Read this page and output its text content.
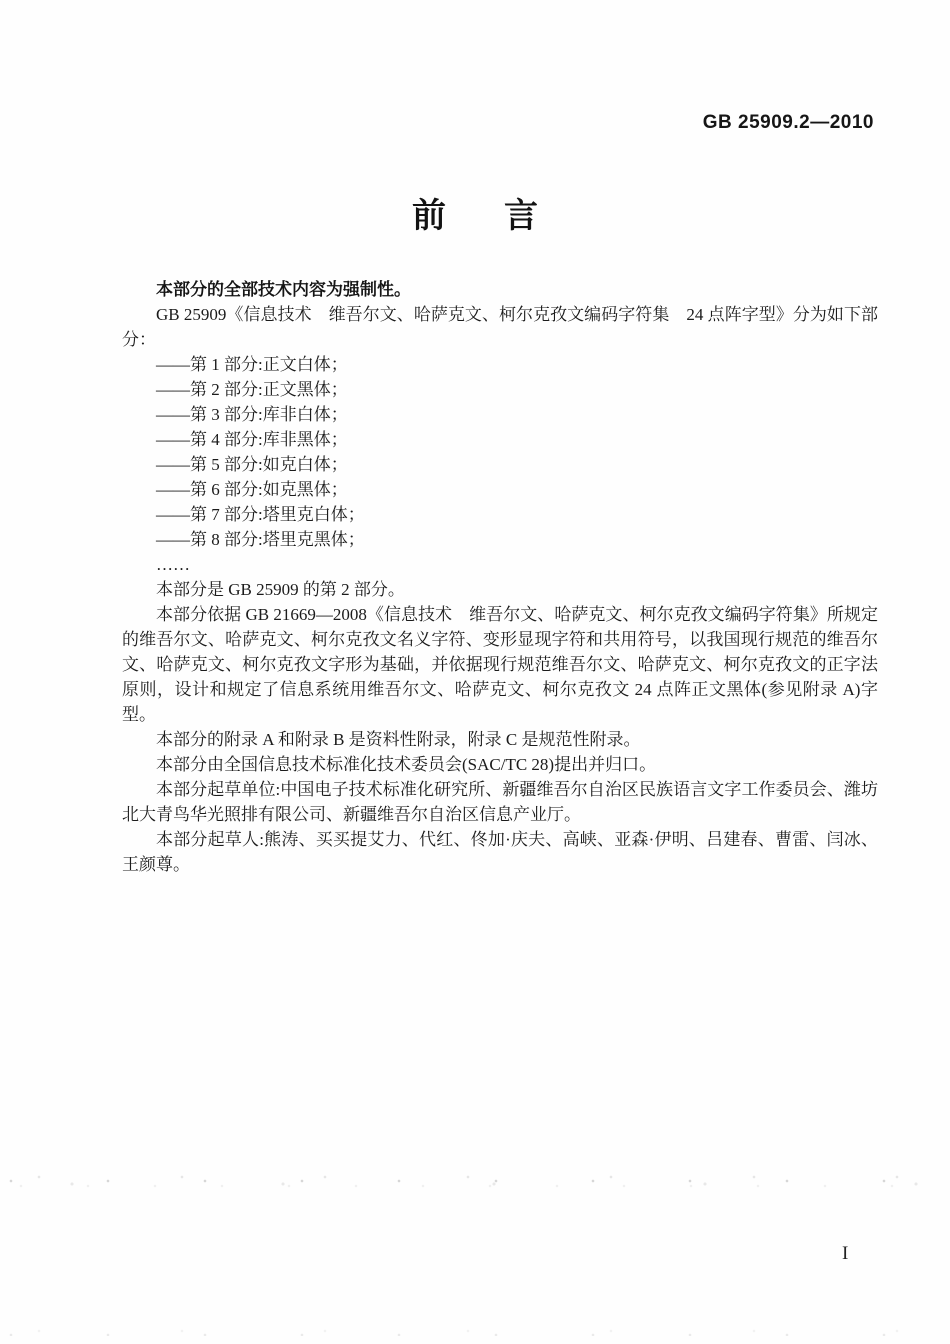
GB 25909.2—2010
前 言

本部分的全部技术内容为强制性。

GB 25909《信息技术　维吾尔文、哈萨克文、柯尔克孜文编码字符集　24 点阵字型》分为如下部分：

——第 1 部分:正文白体；

——第 2 部分:正文黑体；

——第 3 部分:库非白体；

——第 4 部分:库非黑体；

——第 5 部分:如克白体；

——第 6 部分:如克黑体；

——第 7 部分:塔里克白体；

——第 8 部分:塔里克黑体；

……

本部分是 GB 25909 的第 2 部分。

本部分依据 GB 21669—2008《信息技术　维吾尔文、哈萨克文、柯尔克孜文编码字符集》所规定的维吾尔文、哈萨克文、柯尔克孜文名义字符、变形显现字符和共用符号，以我国现行规范的维吾尔文、哈萨克文、柯尔克孜文字形为基础，并依据现行规范维吾尔文、哈萨克文、柯尔克孜文的正字法原则，设计和规定了信息系统用维吾尔文、哈萨克文、柯尔克孜文 24 点阵正文黑体(参见附录 A)字型。

本部分的附录 A 和附录 B 是资料性附录，附录 C 是规范性附录。

本部分由全国信息技术标准化技术委员会(SAC/TC 28)提出并归口。

本部分起草单位:中国电子技术标准化研究所、新疆维吾尔自治区民族语言文字工作委员会、潍坊北大青鸟华光照排有限公司、新疆维吾尔自治区信息产业厅。

本部分起草人:熊涛、买买提艾力、代红、佟加·庆夫、高峡、亚森·伊明、吕建春、曹雷、闫冰、王颜尊。

I
